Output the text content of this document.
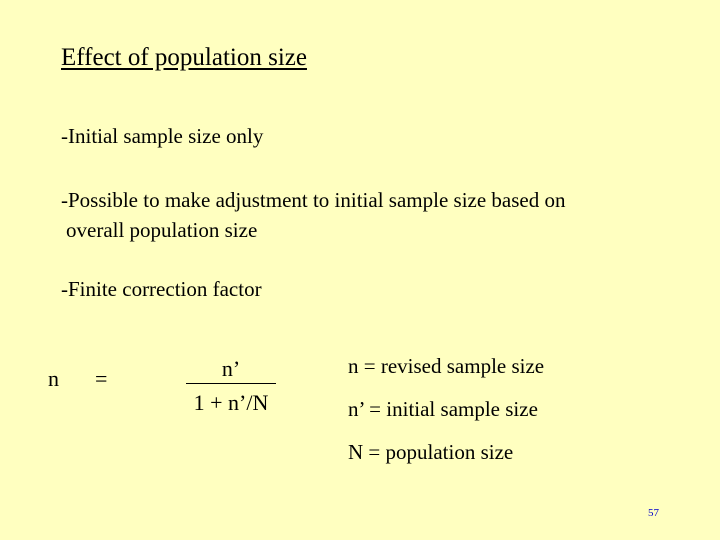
Effect of population size
-Initial sample size only
-Possible to make adjustment to initial sample size based on
overall population size
-Finite correction factor
n =	$\frac{n’}{1 + n’/N}$	n = revised sample size
n’ = initial sample size
N = population size
57
